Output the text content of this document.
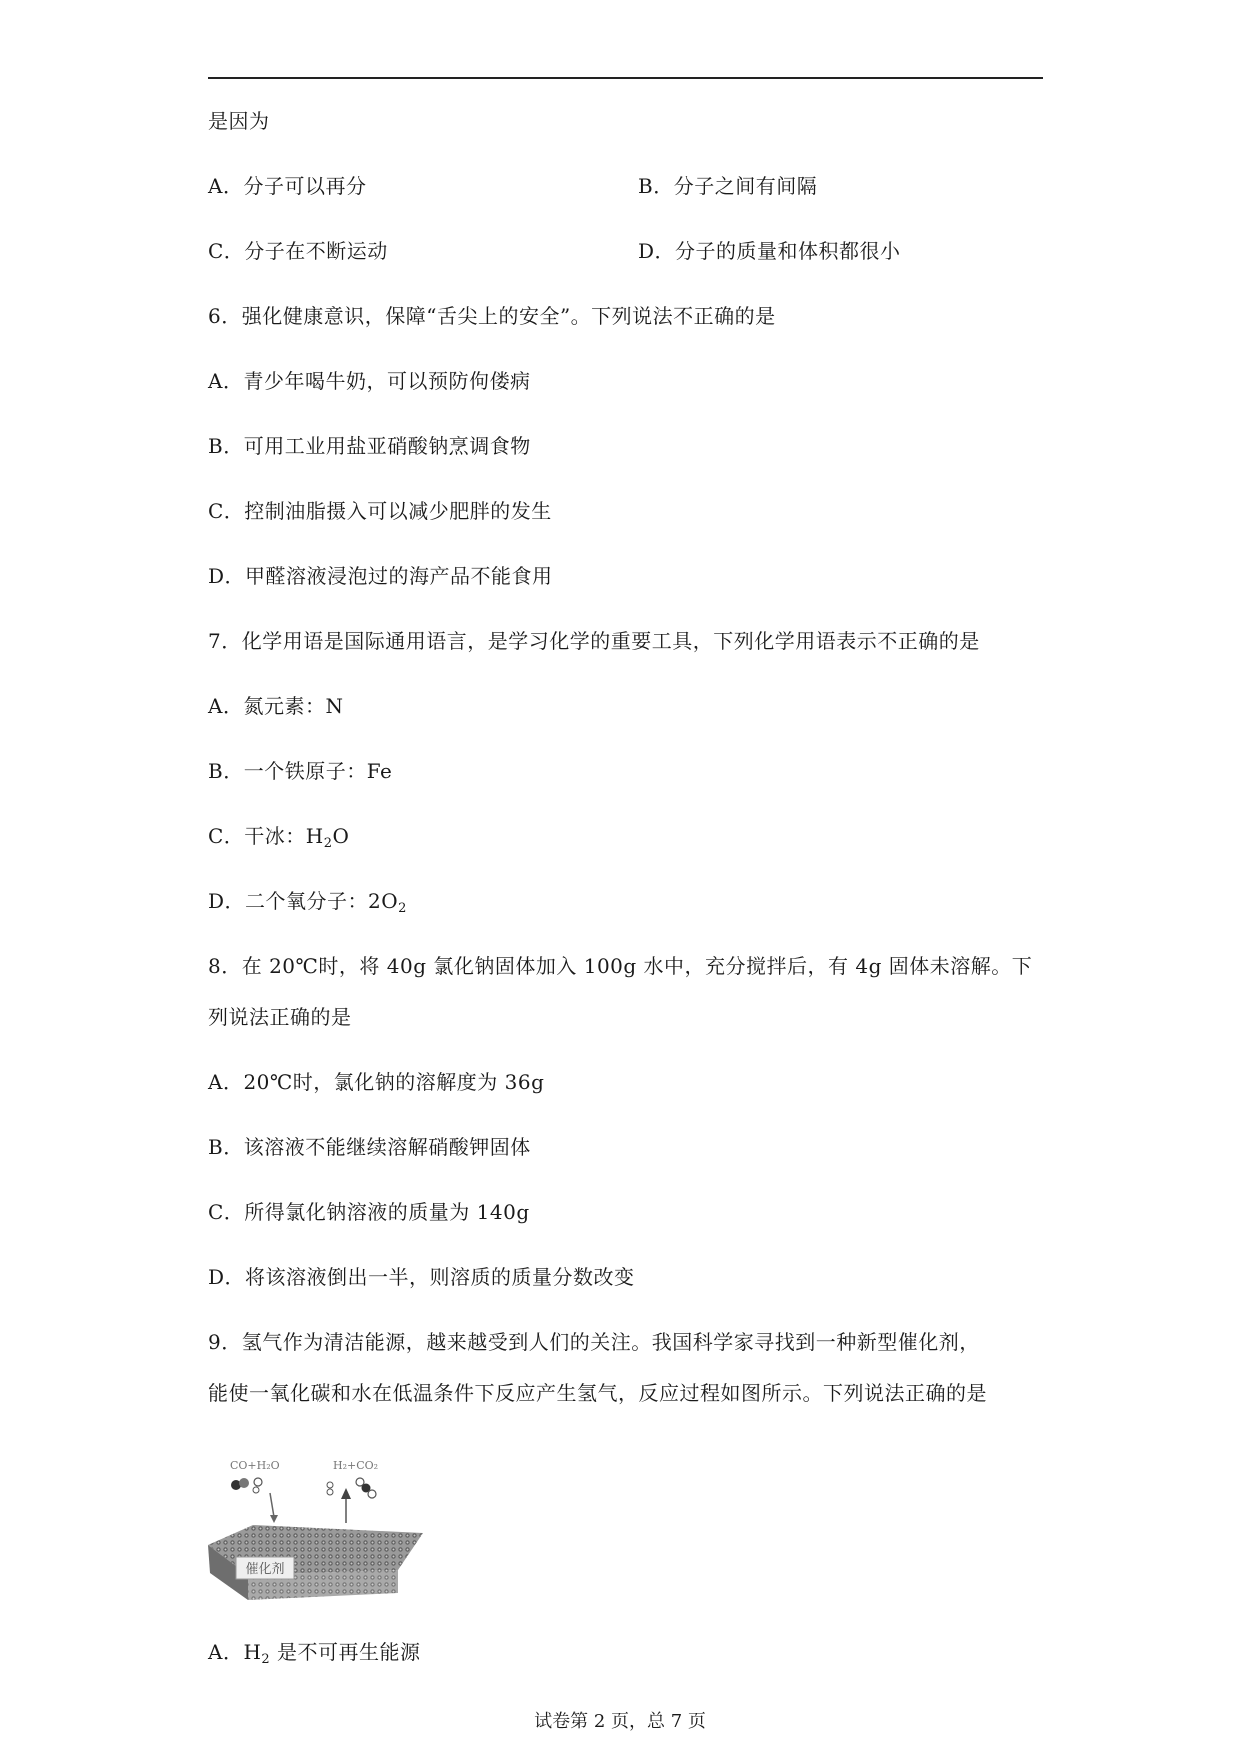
是因为
A．分子可以再分	B．分子之间有间隔
C．分子在不断运动	D．分子的质量和体积都很小
6．强化健康意识，保障“舌尖上的安全”。下列说法不正确的是
A．青少年喝牛奶，可以预防佝偻病
B．可用工业用盐亚硝酸钠烹调食物
C．控制油脂摄入可以减少肥胖的发生
D．甲醛溶液浸泡过的海产品不能食用
7．化学用语是国际通用语言，是学习化学的重要工具，下列化学用语表示不正确的是
A．氮元素：N
B．一个铁原子：Fe
C．干冰：$H_2O$
D．二个氧分子：$2O_2$
8．在 20℃时，将 40g 氯化钠固体加入 100g 水中，充分搅拌后，有 4g 固体未溶解。下
列说法正确的是
A．20℃时，氯化钠的溶解度为 36g
B．该溶液不能继续溶解硝酸钾固体
C．所得氯化钠溶液的质量为 140g
D．将该溶液倒出一半，则溶质的质量分数改变
9．氢气作为清洁能源，越来越受到人们的关注。我国科学家寻找到一种新型催化剂，
能使一氧化碳和水在低温条件下反应产生氢气，反应过程如图所示。下列说法正确的是
催化剂
CO+H₂O	H₂+CO₂
A．$H_2$ 是不可再生能源
试卷第 2 页，总 7 页
